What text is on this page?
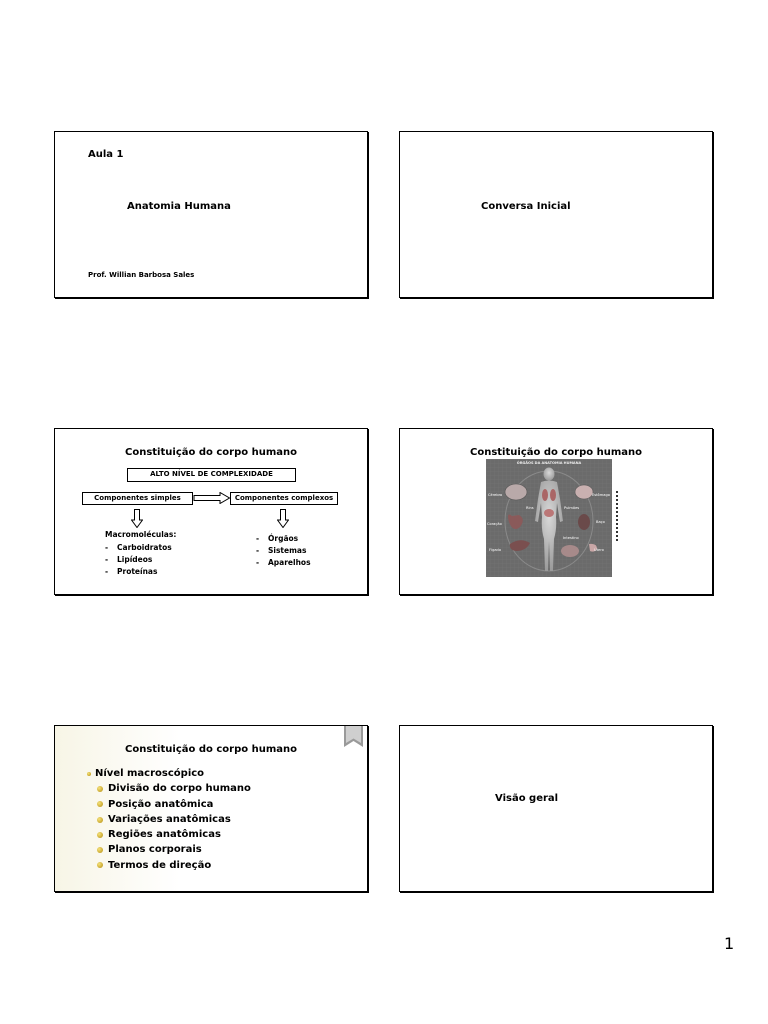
Aula 1
Anatomia Humana
Prof. Willian Barbosa Sales
Conversa Inicial
Constituição do corpo humano
ALTO NÍVEL DE COMPLEXIDADE
Componentes simples	Componentes complexos
Macromoléculas:
- Carboidratos
- Lipídeos
- Proteínas
- Órgãos
- Sistemas
- Aparelhos
Constituição do corpo humano
ÓRGÃOS DA ANATOMIA HUMANA
Cérebro
Rins	Pulmões
Estômago
Coração	Baço
Intestino
Fígado	Útero
Constituição do corpo humano
Nível macroscópico
Divisão do corpo humano
Posição anatômica
Variações anatômicas
Regiões anatômicas
Planos corporais
Termos de direção
Visão geral
1
